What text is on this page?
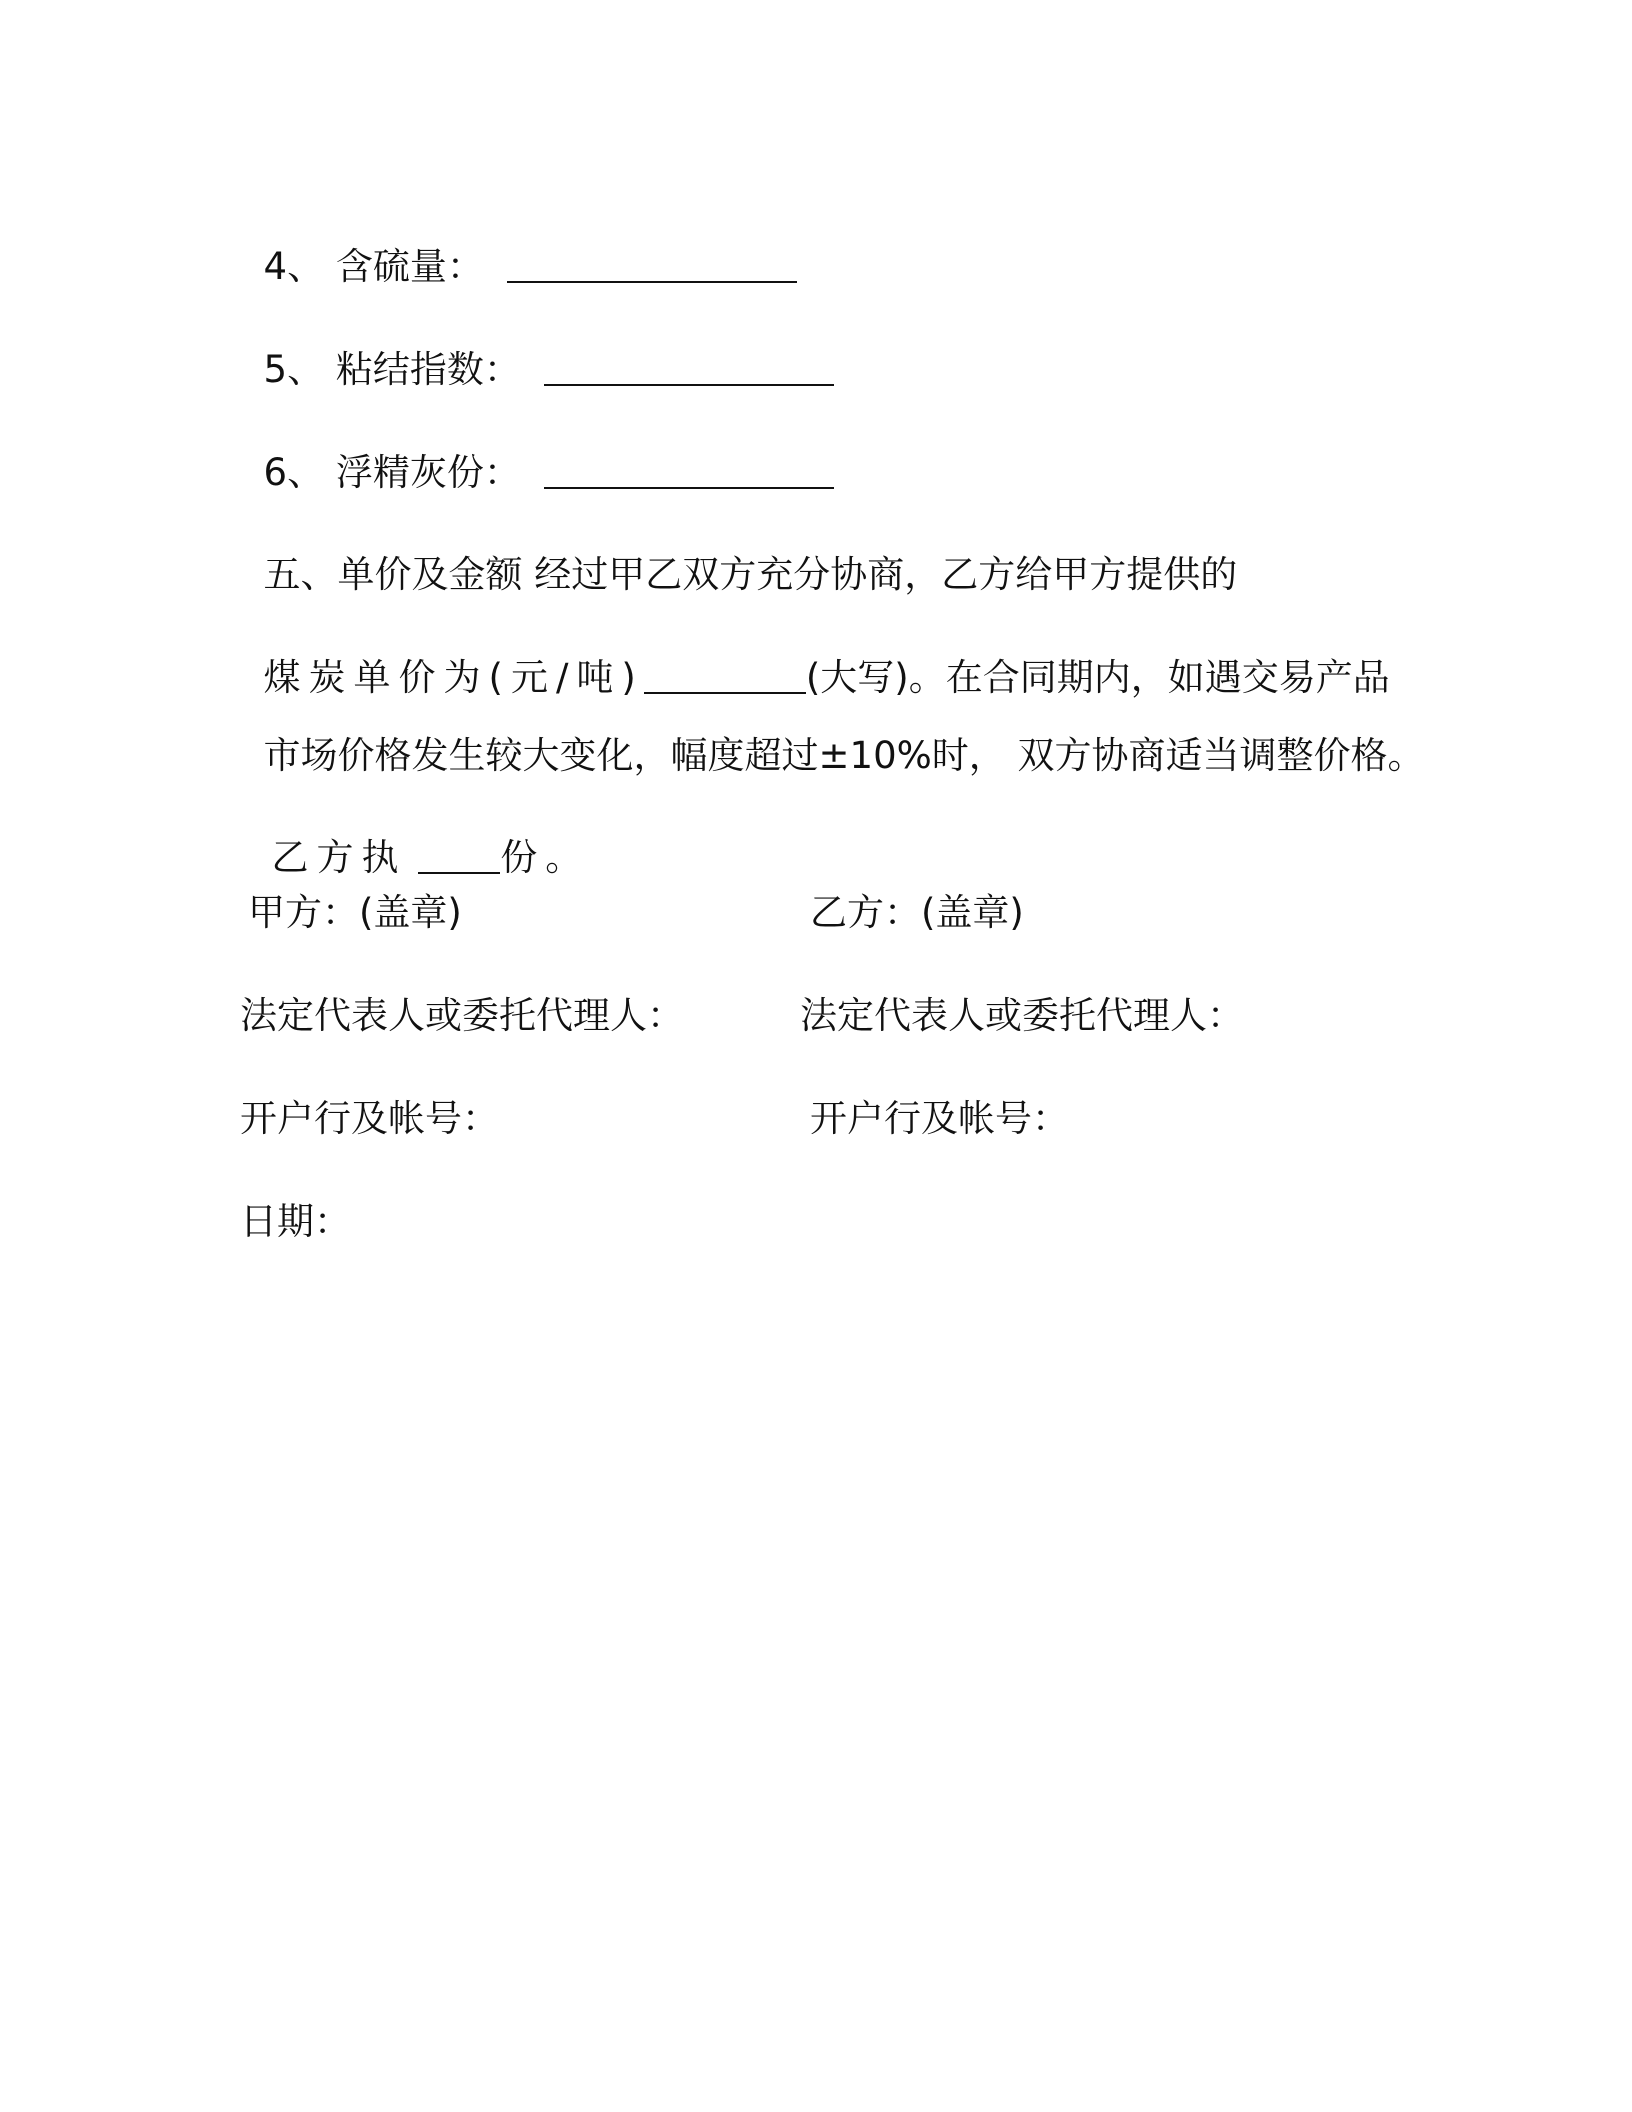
4、 含硫量：

5、 粘结指数：

6、 浮精灰份：

五、单价及金额 经过甲乙双方充分协商，乙方给甲方提供的

煤炭单价为(元/吨)	(大写)。在合同期内，如遇交易产品

市场价格发生较大变化，幅度超过±10%时， 双方协商适当调整价格。

乙方执	份。

甲方：(盖章)	乙方：(盖章)
法定代表人或委托代理人：	法定代表人或委托代理人：
开户行及帐号：	开户行及帐号：
日期：
